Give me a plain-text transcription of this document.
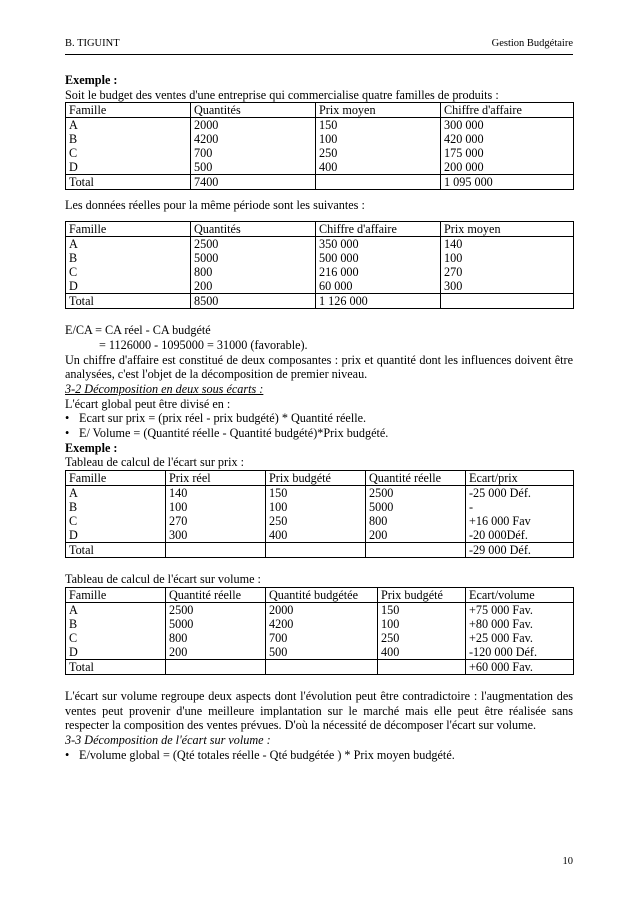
B. TIGUINT	Gestion Budgétaire

Exemple :

Soit le budget des ventes d'une entreprise qui commercialise quatre familles de produits :

Famille	Quantités	Prix moyen	Chiffre d'affaire
A	2000	150	300 000
B	4200	100	420 000
C	700	250	175 000
D	500	400	200 000
Total	7400		1 095 000

Les données réelles pour la même période sont les suivantes :

Famille	Quantités	Chiffre d'affaire	Prix moyen
A	2500	350 000	140
B	5000	500 000	100
C	800	216 000	270
D	200	60 000	300
Total	8500	1 126 000	

E/CA = CA réel - CA budgété

= 1126000 - 1095000 = 31000 (favorable).

Un chiffre d'affaire est constitué de deux composantes : prix et quantité dont les influences doivent être analysées, c'est l'objet de la décomposition de premier niveau.

3-2 Décomposition en deux sous écarts :

L'écart global peut être divisé en :

• Ecart sur prix = (prix réel - prix budgété) * Quantité réelle.

• E/ Volume = (Quantité réelle - Quantité budgété)*Prix budgété.

Exemple :

Tableau de calcul de l'écart sur prix :

Famille	Prix réel	Prix budgété	Quantité réelle	Ecart/prix
A	140	150	2500	-25 000 Déf.
B	100	100	5000	-
C	270	250	800	+16 000 Fav
D	300	400	200	-20 000Déf.
Total				-29 000 Déf.

Tableau de calcul de l'écart sur volume :

Famille	Quantité réelle	Quantité budgétée	Prix budgété	Ecart/volume
A	2500	2000	150	+75 000 Fav.
B	5000	4200	100	+80 000 Fav.
C	800	700	250	+25 000 Fav.
D	200	500	400	-120 000 Déf.
Total				+60 000 Fav.

L'écart sur volume regroupe deux aspects dont l'évolution peut être contradictoire : l'augmentation des ventes peut provenir d'une meilleure implantation sur le marché mais elle peut être réalisée sans respecter la composition des ventes prévues. D'où la nécessité de décomposer l'écart sur volume.

3-3 Décomposition de l'écart sur volume :

• E/volume global = (Qté totales réelle - Qté budgétée ) * Prix moyen budgété.

10
